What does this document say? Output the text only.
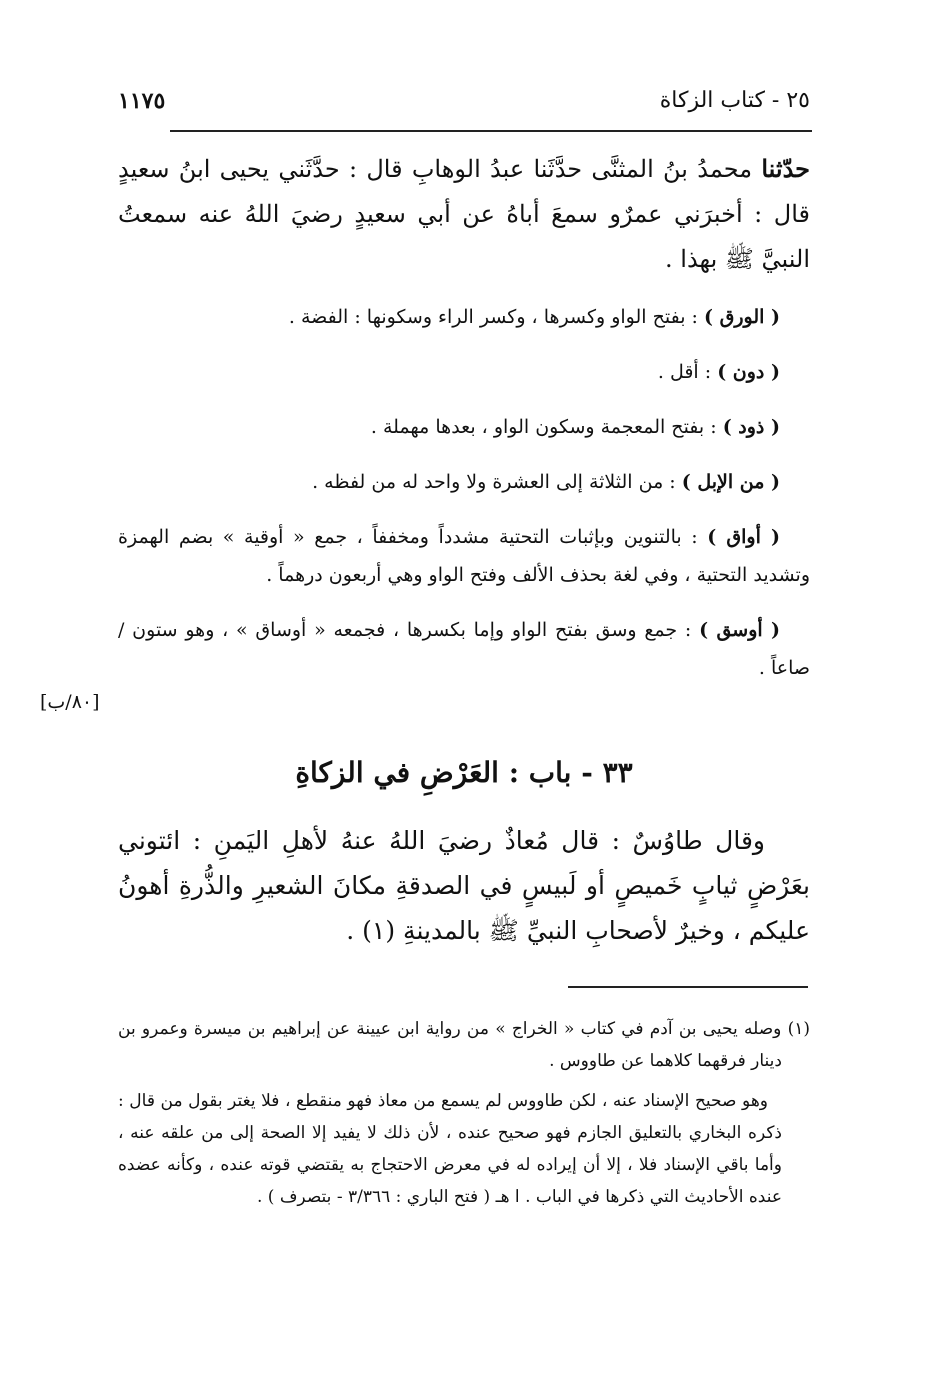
٢٥ - كتاب الزكاة
١١٧٥
حدّثنا محمدُ بنُ المثنَّى حدَّثَنا عبدُ الوهابِ قال : حدَّثَني يحيى ابنُ سعيدٍ قال : أخبرَني عمرٌو سمعَ أباهُ عن أبي سعيدٍ رضيَ اللهُ عنه سمعتُ النبيَّ ﷺ بهذا .

( الورق ) : بفتح الواو وكسرها ، وكسر الراء وسكونها : الفضة .

( دون ) : أقل .

( ذود ) : بفتح المعجمة وسكون الواو ، بعدها مهملة .

( من الإبل ) : من الثلاثة إلى العشرة ولا واحد له من لفظه .

( أواق ) : بالتنوين وبإثبات التحتية مشدداً ومخففاً ، جمع « أوقية » بضم الهمزة وتشديد التحتية ، وفي لغة بحذف الألف وفتح الواو وهي أربعون درهماً .

( أوسق ) : جمع وسق بفتح الواو وإما بكسرها ، فجمعه « أوساق » ، وهو ستون / صاعاً .

[٨٠/ب]
٣٣ - باب : العَرْضِ في الزكاةِ
وقال طاوُسٌ : قال مُعاذٌ رضيَ اللهُ عنهُ لأهلِ اليَمنِ : ائتوني بعَرْضٍ ثيابٍ خَميصٍ أو لَبيسٍ في الصدقةِ مكانَ الشعيرِ والذُّرةِ أهونُ عليكم ، وخيرٌ لأصحابِ النبيِّ ﷺ بالمدينةِ (١) .

(١) وصله يحيى بن آدم في كتاب « الخراج » من رواية ابن عيينة عن إبراهيم بن ميسرة وعمرو بن دينار فرقهما كلاهما عن طاووس .

وهو صحيح الإسناد عنه ، لكن طاووس لم يسمع من معاذ فهو منقطع ، فلا يغتر بقول من قال : ذكره البخاري بالتعليق الجازم فهو صحيح عنده ، لأن ذلك لا يفيد إلا الصحة إلى من علقه عنه ، وأما باقي الإسناد فلا ، إلا أن إيراده له في معرض الاحتجاج به يقتضي قوته عنده ، وكأنه عضده عنده الأحاديث التي ذكرها في الباب . ا هـ ( فتح الباري : ٣/٣٦٦ - بتصرف ) .
